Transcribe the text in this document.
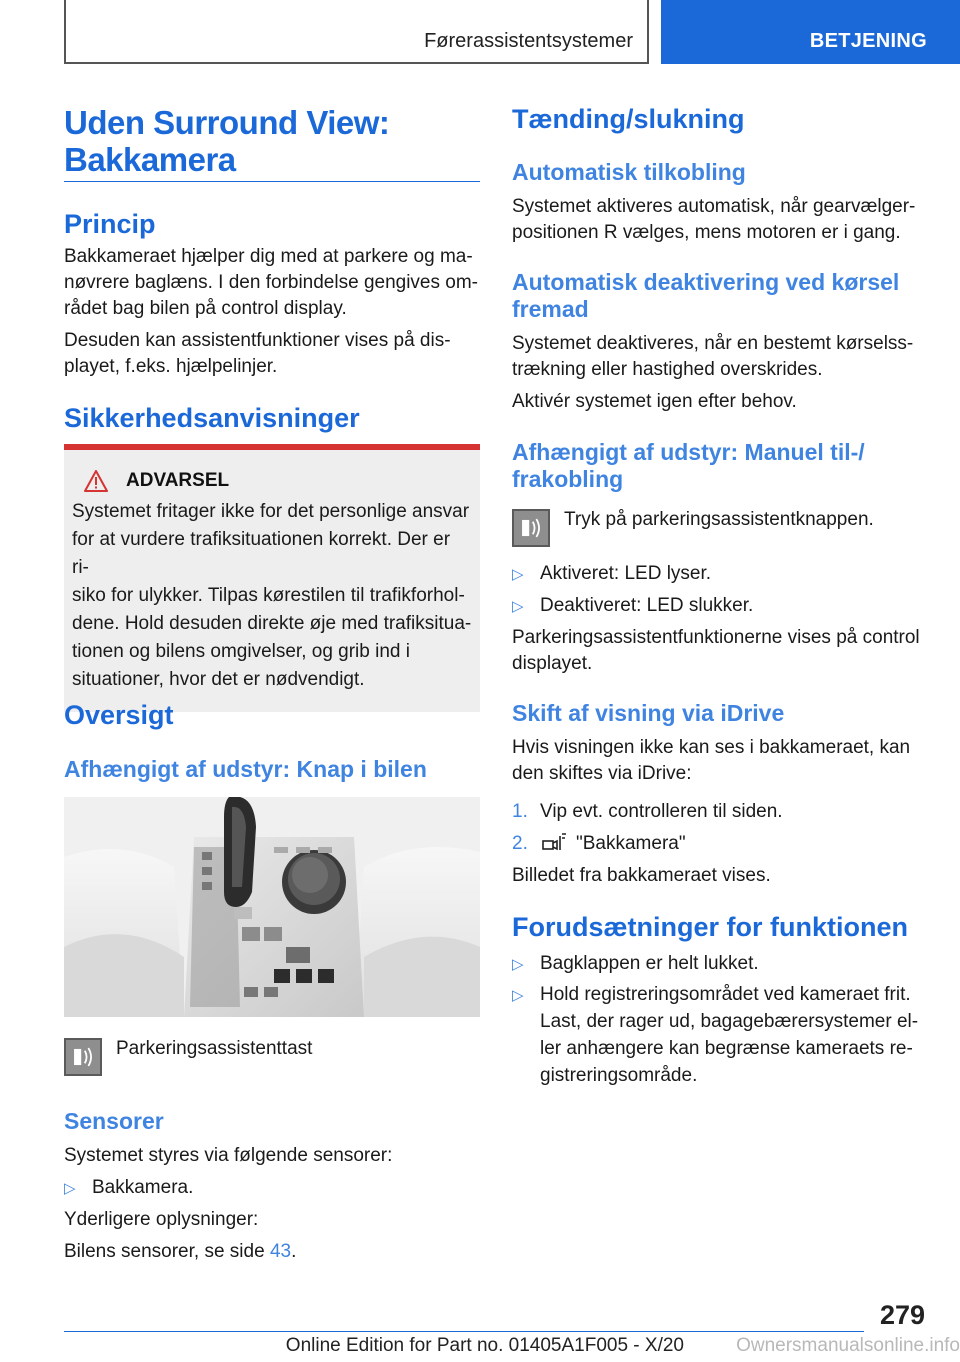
Førerassistentsystemer	BETJENING
Uden Surround View:
Bakkamera
Princip
Bakkameraet hjælper dig med at parkere og ma-
nøvrere baglæns. I den forbindelse gengives om-
rådet bag bilen på control display.
Desuden kan assistentfunktioner vises på dis-
playet, f.eks. hjælpelinjer.
Sikkerhedsanvisninger
ADVARSEL
Systemet fritager ikke for det personlige ansvar
for at vurdere trafiksituationen korrekt. Der er ri-
siko for ulykker. Tilpas kørestilen til trafikforhol-
dene. Hold desuden direkte øje med trafiksitua-
tionen og bilens omgivelser, og grib ind i
situationer, hvor det er nødvendigt.
Oversigt
Afhængigt af udstyr: Knap i bilen
Parkeringsassistenttast
Sensorer
Systemet styres via følgende sensorer:
▷ Bakkamera.
Yderligere oplysninger:
Bilens sensorer, se side 43.
Tænding/slukning
Automatisk tilkobling
Systemet aktiveres automatisk, når gearvælger-
positionen R vælges, mens motoren er i gang.
Automatisk deaktivering ved kørsel
fremad
Systemet deaktiveres, når en bestemt kørselss-
trækning eller hastighed overskrides.
Aktivér systemet igen efter behov.
Afhængigt af udstyr: Manuel til-/
frakobling
Tryk på parkeringsassistentknappen.
▷ Aktiveret: LED lyser.
▷ Deaktiveret: LED slukker.
Parkeringsassistentfunktionerne vises på control
displayet.
Skift af visning via iDrive
Hvis visningen ikke kan ses i bakkameraet, kan
den skiftes via iDrive:
1. Vip evt. controlleren til siden.
2.	"Bakkamera"
Billedet fra bakkameraet vises.
Forudsætninger for funktionen
▷ Bagklappen er helt lukket.
▷ Hold registreringsområdet ved kameraet frit.
Last, der rager ud, bagagebærersystemer el-
ler anhængere kan begrænse kameraets re-
gistreringsområde.
279
Online Edition for Part no. 01405A1F005 - X/20	Ownersmanualsonline.info
